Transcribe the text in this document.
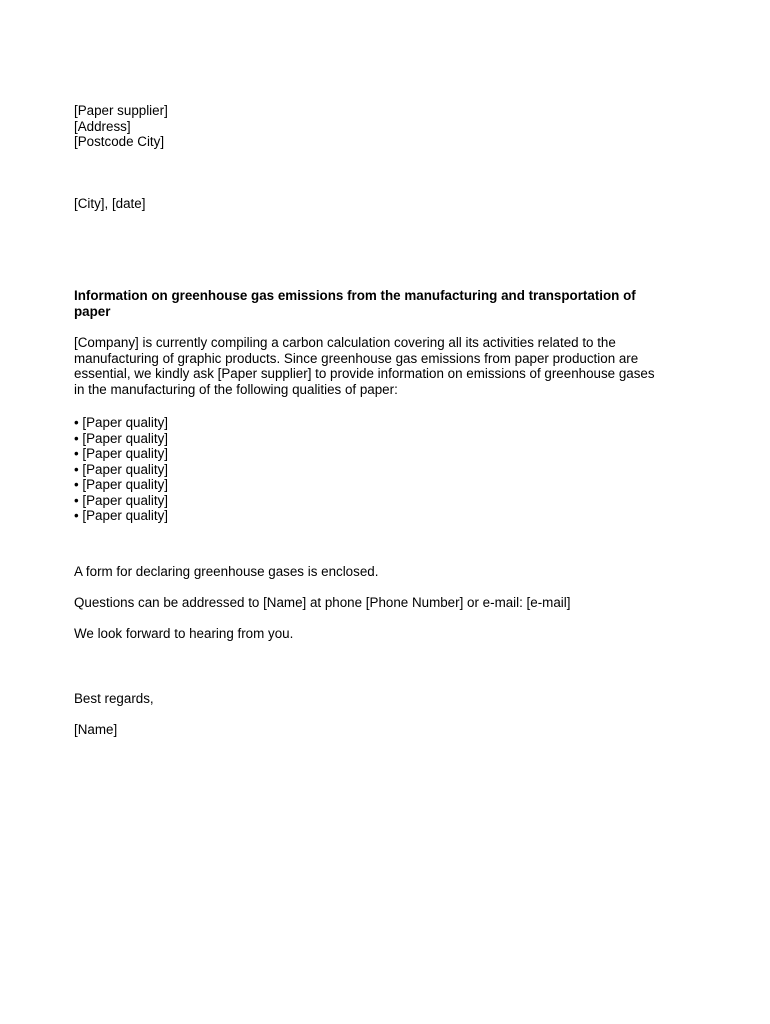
[Paper supplier]
[Address]
[Postcode City]
[City], [date]
Information on greenhouse gas emissions from the manufacturing and transportation of
paper
[Company] is currently compiling a carbon calculation covering all its activities related to the
manufacturing of graphic products. Since greenhouse gas emissions from paper production are
essential, we kindly ask [Paper supplier] to provide information on emissions of greenhouse gases
in the manufacturing of the following qualities of paper:
• [Paper quality]
• [Paper quality]
• [Paper quality]
• [Paper quality]
• [Paper quality]
• [Paper quality]
• [Paper quality]
A form for declaring greenhouse gases is enclosed.
Questions can be addressed to [Name] at phone [Phone Number] or e-mail: [e-mail]
We look forward to hearing from you.
Best regards,
[Name]
